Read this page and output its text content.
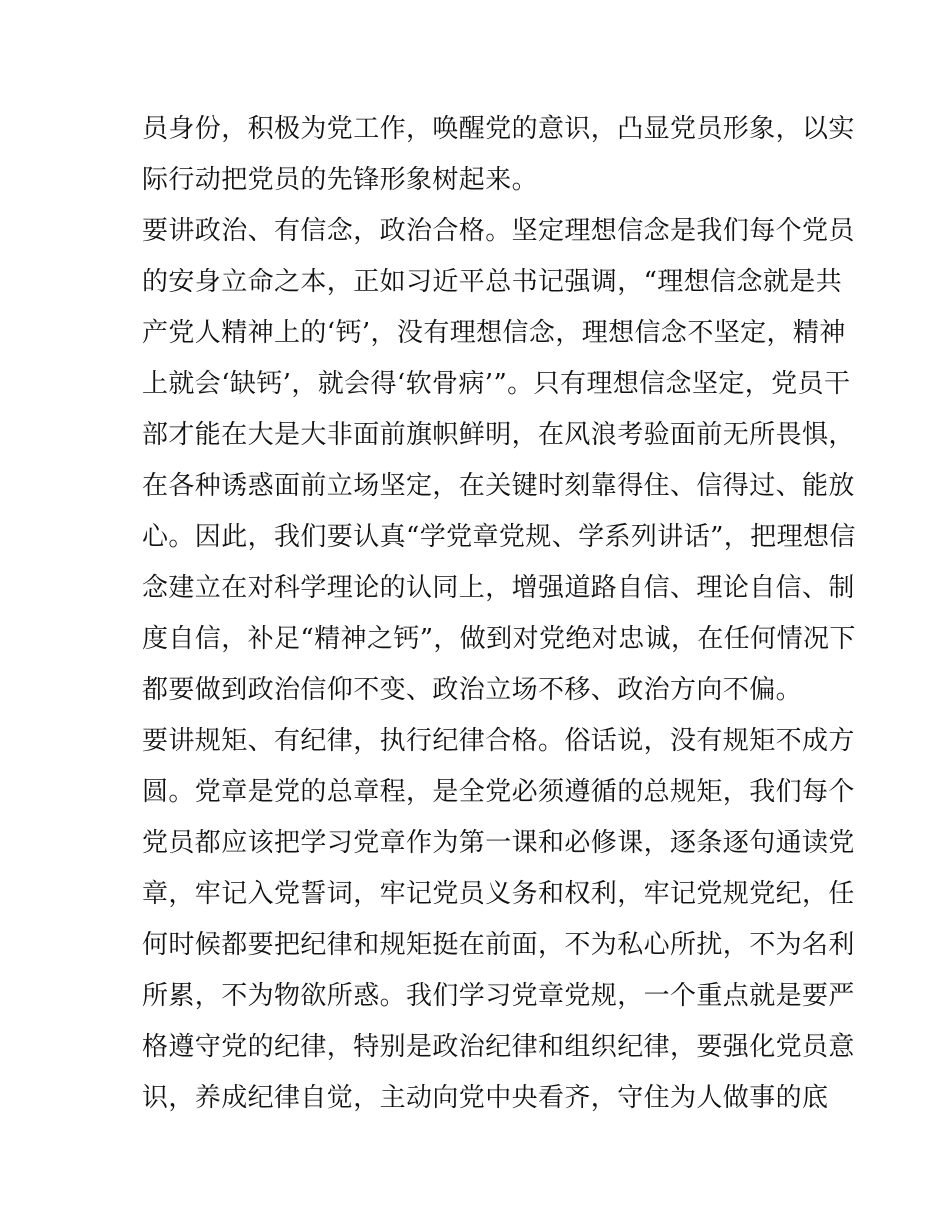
员身份，积极为党工作，唤醒党的意识，凸显党员形象，以实
际行动把党员的先锋形象树起来。
要讲政治、有信念，政治合格。坚定理想信念是我们每个党员
的安身立命之本，正如习近平总书记强调，“理想信念就是共
产党人精神上的‘钙’，没有理想信念，理想信念不坚定，精神
上就会‘缺钙’，就会得‘软骨病’”。只有理想信念坚定，党员干
部才能在大是大非面前旗帜鲜明，在风浪考验面前无所畏惧，
在各种诱惑面前立场坚定，在关键时刻靠得住、信得过、能放
心。因此，我们要认真“学党章党规、学系列讲话”，把理想信
念建立在对科学理论的认同上，增强道路自信、理论自信、制
度自信，补足“精神之钙”，做到对党绝对忠诚，在任何情况下
都要做到政治信仰不变、政治立场不移、政治方向不偏。
要讲规矩、有纪律，执行纪律合格。俗话说，没有规矩不成方
圆。党章是党的总章程，是全党必须遵循的总规矩，我们每个
党员都应该把学习党章作为第一课和必修课，逐条逐句通读党
章，牢记入党誓词，牢记党员义务和权利，牢记党规党纪，任
何时候都要把纪律和规矩挺在前面，不为私心所扰，不为名利
所累，不为物欲所惑。我们学习党章党规，一个重点就是要严
格遵守党的纪律，特别是政治纪律和组织纪律，要强化党员意
识，养成纪律自觉，主动向党中央看齐，守住为人做事的底
